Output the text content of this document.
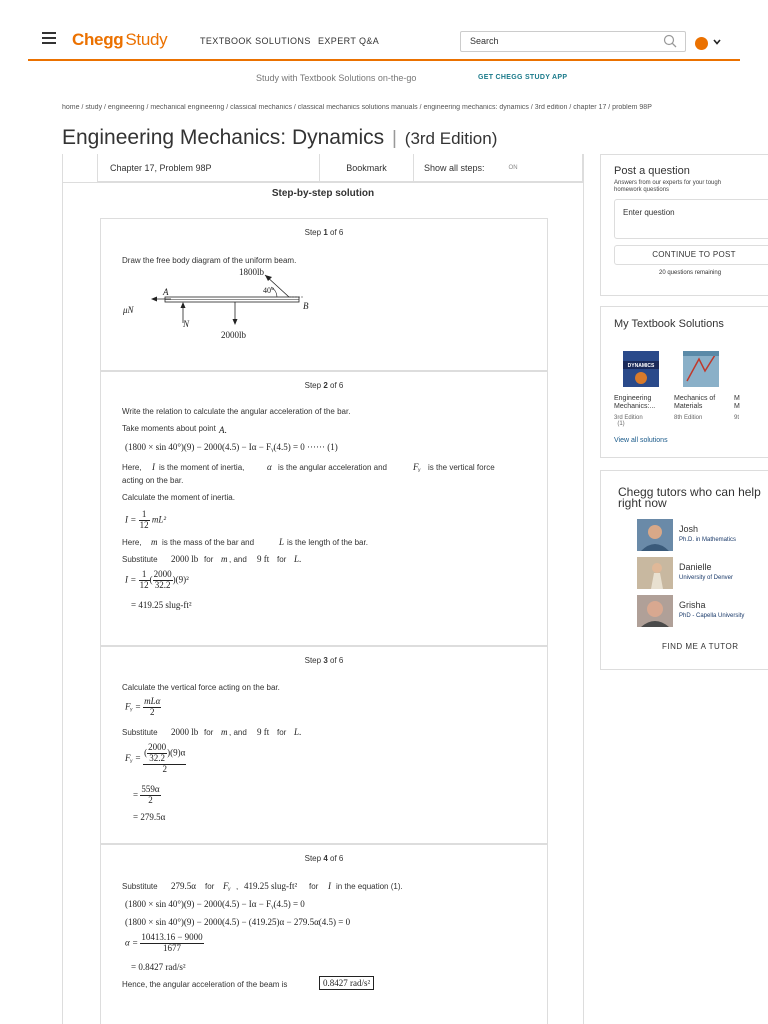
Chegg Study	TEXTBOOK SOLUTIONS EXPERT Q&A
Search
Study with Textbook Solutions on-the-go	GET CHEGG STUDY APP
home / study / engineering / mechanical engineering / classical mechanics / classical mechanics solutions manuals / engineering mechanics: dynamics / 3rd edition / chapter 17 / problem 98P
Engineering Mechanics: Dynamics | (3rd Edition)
Chapter 17, Problem 98P	Bookmark	Show all steps:	ON
Step-by-step solution
Step 1 of 6
Draw the free body diagram of the uniform beam.
1800lb
40°
A
B
μN
N
2000lb
Step 2 of 6
Write the relation to calculate the angular acceleration of the bar.
Take moments about point A.
(1800 × sin 40°)(9) − 2000(4.5) − Iα − Fᵧ(4.5) = 0 ······ (1)
Here, I is the moment of inertia,	α is the angular acceleration and	Fᵧ is the vertical force
acting on the bar.
Calculate the moment of inertia.
$I = \frac{1}{12} mL^2$
Here, m is the mass of the bar and	L is the length of the bar.
Substitute 2000 lb for m , and 9 ft for L.
$I = \frac{1}{12}$ ( $\frac{2000}{32.2} )(9)^2$
= 419.25 slug-ft²
Step 3 of 6
Calculate the vertical force acting on the bar.
Fᵧ = $\frac{\text{mLα}}{2}$
Substitute 2000 lb for m , and 9 ft for L.
Fᵧ = $\frac{( \frac{2000}{32.2} )(9)\alpha}{2}$
= $\frac{559\alpha}{2}$
= 279.5α
Step 4 of 6
Substitute 279.5α for Fᵧ , 419.25 slug-ft² for I in the equation (1).
(1800 × sin 40°)(9) − 2000(4.5) − Iα − Fᵧ(4.5) = 0
(1800 × sin 40°)(9) − 2000(4.5) − (419.25)α − 279.5α(4.5) = 0
$\alpha = \frac{10413.16 - 9000}{1677}$
= 0.8427 rad/s²
Hence, the angular acceleration of the beam is	0.8427 rad/s²
Post a question
Answers from our experts for your tough
homework questions
Enter question
CONTINUE TO POST
20 questions remaining
My Textbook Solutions
DYNAMICS
Engineering
Mechanics:...
3rd Edition
(1)
Mechanics of
Materials
8th Edition
M
M
9t
View all solutions
Chegg tutors who can help
right now
Josh
Ph.D. in Mathematics
Danielle
University of Denver
Grisha
PhD - Capella University
FIND ME A TUTOR
